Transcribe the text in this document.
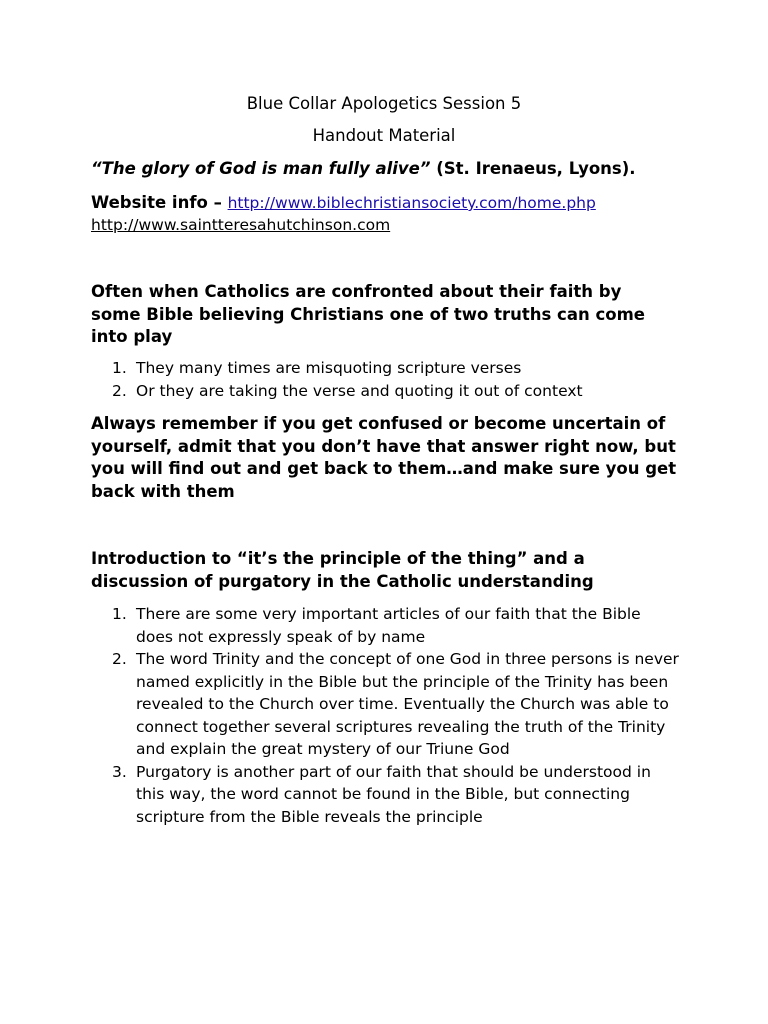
Blue Collar Apologetics Session 5
Handout Material
“The glory of God is man fully alive” (St. Irenaeus, Lyons).
Website info – http://www.biblechristiansociety.com/home.php
http://www.saintteresahutchinson.com
Often when Catholics are confronted about their faith by some Bible believing Christians one of two truths can come into play
1. They many times are misquoting scripture verses
2. Or they are taking the verse and quoting it out of context
Always remember if you get confused or become uncertain of yourself, admit that you don’t have that answer right now, but you will find out and get back to them…and make sure you get back with them
Introduction to “it’s the principle of the thing” and a discussion of purgatory in the Catholic understanding
1. There are some very important articles of our faith that the Bible does not expressly speak of by name
2. The word Trinity and the concept of one God in three persons is never named explicitly in the Bible but the principle of the Trinity has been revealed to the Church over time. Eventually the Church was able to connect together several scriptures revealing the truth of the Trinity and explain the great mystery of our Triune God
3. Purgatory is another part of our faith that should be understood in this way, the word cannot be found in the Bible, but connecting scripture from the Bible reveals the principle
